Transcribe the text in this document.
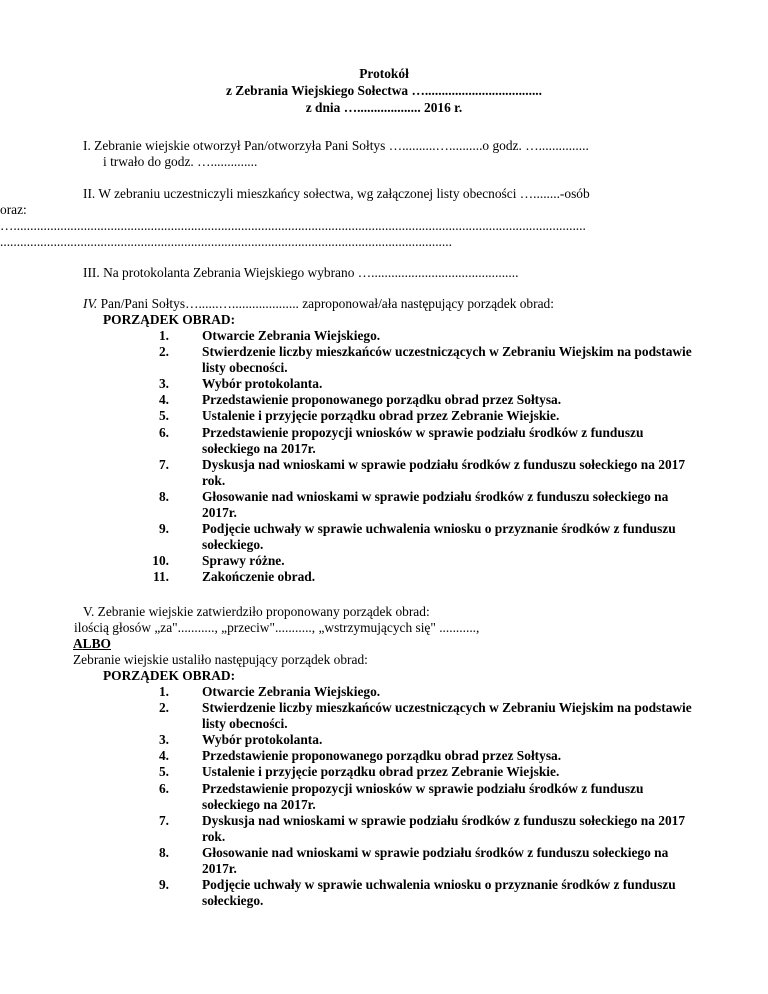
Protokół
z Zebrania Wiejskiego Sołectwa …...................................
z dnia …................... 2016 r.
I. Zebranie wiejskie otworzył Pan/otworzyła Pani Sołtys …..........…..........o godz. …...............
i trwało do godz. …..............
II. W zebraniu uczestniczyli mieszkańcy sołectwa, wg załączonej listy obecności …........-osób
oraz:
…...........................................................................................................................................................................
.......................................................................................................................................
III. Na protokolanta Zebrania Wiejskiego wybrano …............................................
IV. Pan/Pani Sołtys…......….................... zaproponował/ała następujący porządek obrad:
PORZĄDEK OBRAD:
1.	Otwarcie Zebrania Wiejskiego.
2.	Stwierdzenie liczby mieszkańców uczestniczących w Zebraniu Wiejskim na podstawie listy obecności.
3.	Wybór protokolanta.
4.	Przedstawienie proponowanego porządku obrad przez Sołtysa.
5.	Ustalenie i przyjęcie porządku obrad przez Zebranie Wiejskie.
6.	Przedstawienie propozycji wniosków w sprawie podziału środków z funduszu sołeckiego na 2017r.
7.	Dyskusja nad wnioskami w sprawie podziału środków z funduszu sołeckiego na 2017 rok.
8.	Głosowanie nad wnioskami w sprawie podziału środków z funduszu sołeckiego na 2017r.
9.	Podjęcie uchwały w sprawie uchwalenia wniosku o przyznanie środków z funduszu sołeckiego.
10.	Sprawy różne.
11.	Zakończenie obrad.
V. Zebranie wiejskie zatwierdziło proponowany porządek obrad:
ilością głosów „za"..........., „przeciw"..........., „wstrzymujących się" ...........,
ALBO
Zebranie wiejskie ustaliło następujący porządek obrad:
PORZĄDEK OBRAD:
1.	Otwarcie Zebrania Wiejskiego.
2.	Stwierdzenie liczby mieszkańców uczestniczących w Zebraniu Wiejskim na podstawie listy obecności.
3.	Wybór protokolanta.
4.	Przedstawienie proponowanego porządku obrad przez Sołtysa.
5.	Ustalenie i przyjęcie porządku obrad przez Zebranie Wiejskie.
6.	Przedstawienie propozycji wniosków w sprawie podziału środków z funduszu sołeckiego na 2017r.
7.	Dyskusja nad wnioskami w sprawie podziału środków z funduszu sołeckiego na 2017 rok.
8.	Głosowanie nad wnioskami w sprawie podziału środków z funduszu sołeckiego na 2017r.
9.	Podjęcie uchwały w sprawie uchwalenia wniosku o przyznanie środków z funduszu sołeckiego.
